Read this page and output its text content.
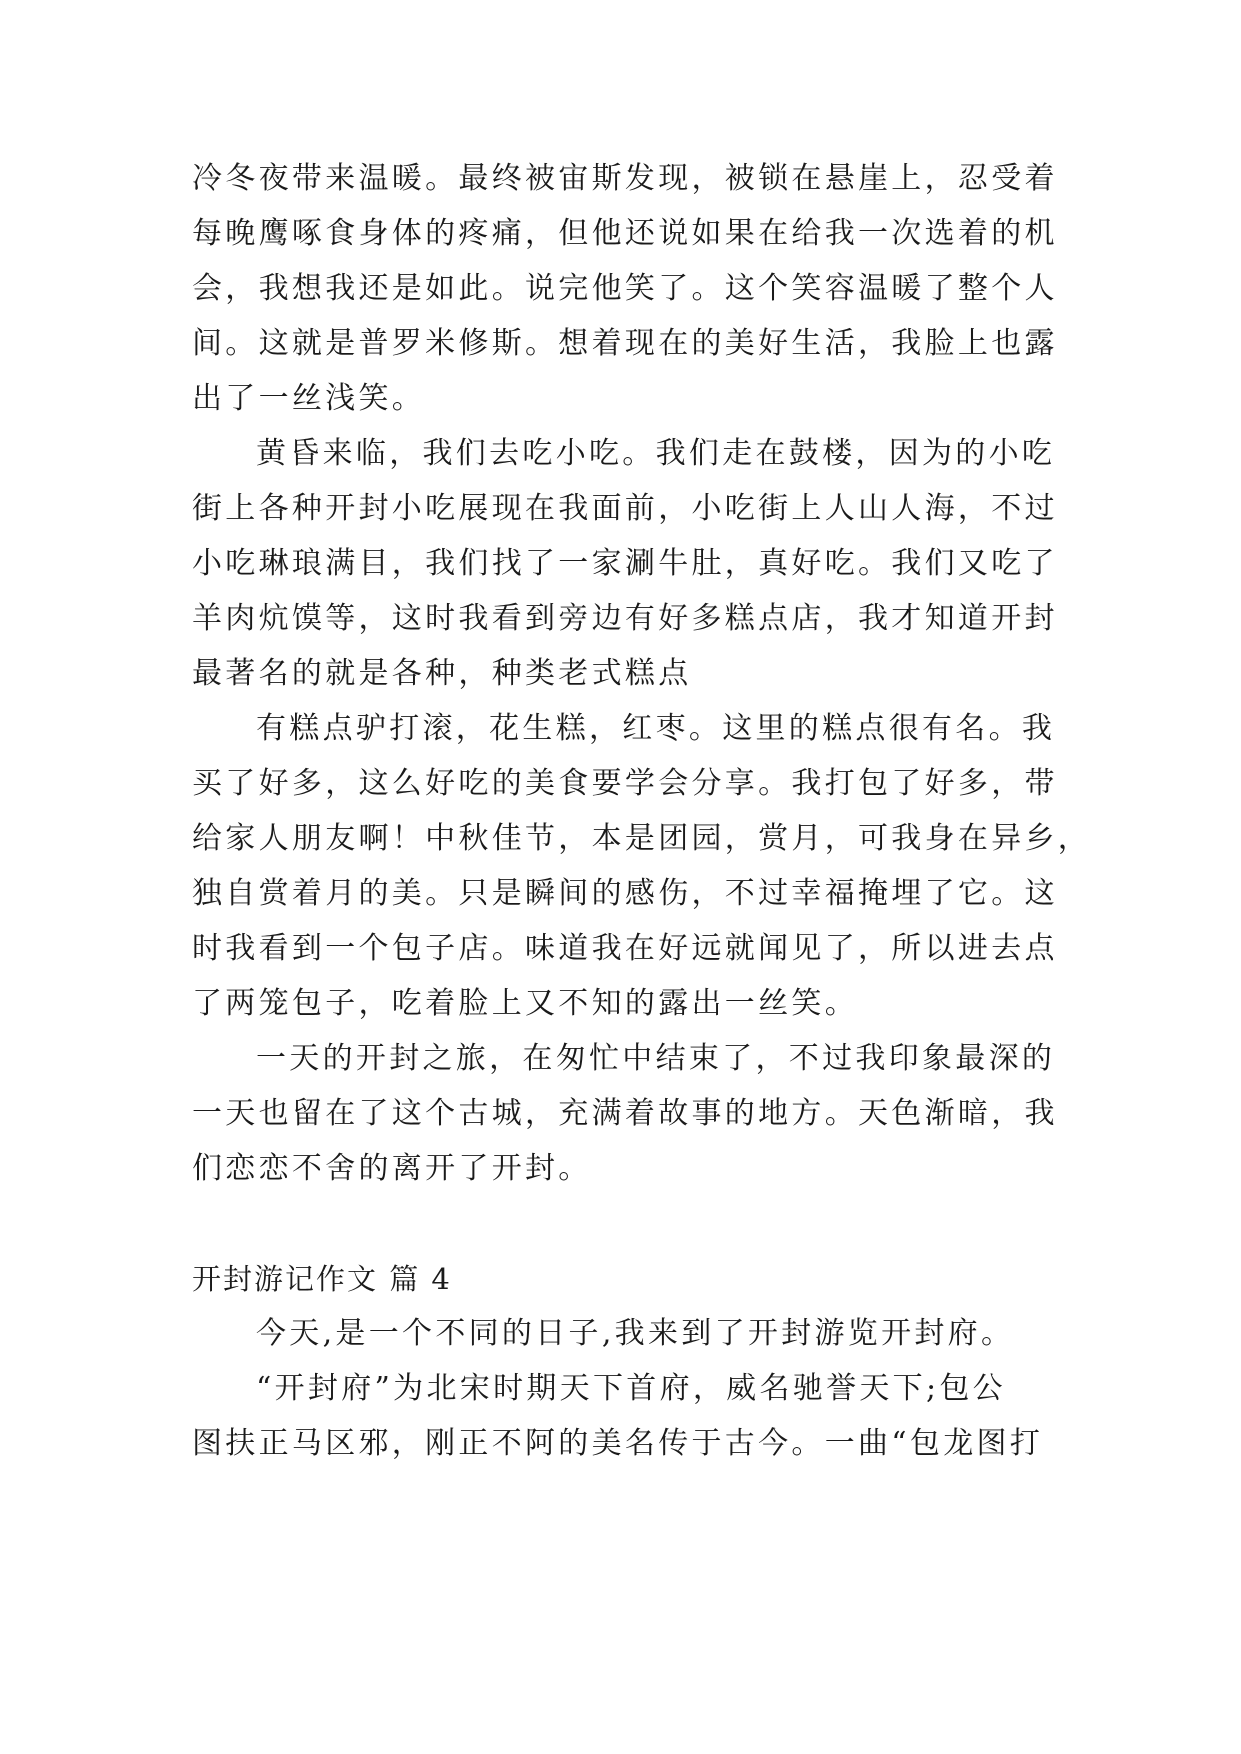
冷冬夜带来温暖。最终被宙斯发现，被锁在悬崖上，忍受着
每晚鹰啄食身体的疼痛，但他还说如果在给我一次选着的机
会，我想我还是如此。说完他笑了。这个笑容温暖了整个人
间。这就是普罗米修斯。想着现在的美好生活，我脸上也露
出了一丝浅笑。
黄昏来临，我们去吃小吃。我们走在鼓楼，因为的小吃
街上各种开封小吃展现在我面前，小吃街上人山人海，不过
小吃琳琅满目，我们找了一家涮牛肚，真好吃。我们又吃了
羊肉炕馍等，这时我看到旁边有好多糕点店，我才知道开封
最著名的就是各种，种类老式糕点
有糕点驴打滚，花生糕，红枣。这里的糕点很有名。我
买了好多，这么好吃的美食要学会分享。我打包了好多，带
给家人朋友啊！中秋佳节，本是团园，赏月，可我身在异乡，
独自赏着月的美。只是瞬间的感伤，不过幸福掩埋了它。这
时我看到一个包子店。味道我在好远就闻见了，所以进去点
了两笼包子，吃着脸上又不知的露出一丝笑。
一天的开封之旅，在匆忙中结束了，不过我印象最深的
一天也留在了这个古城，充满着故事的地方。天色渐暗，我
们恋恋不舍的离开了开封。
开封游记作文 篇 4
今天,是一个不同的日子,我来到了开封游览开封府。
“开封府”为北宋时期天下首府，威名驰誉天下;包公
图扶正马区邪，刚正不阿的美名传于古今。一曲“包龙图打
